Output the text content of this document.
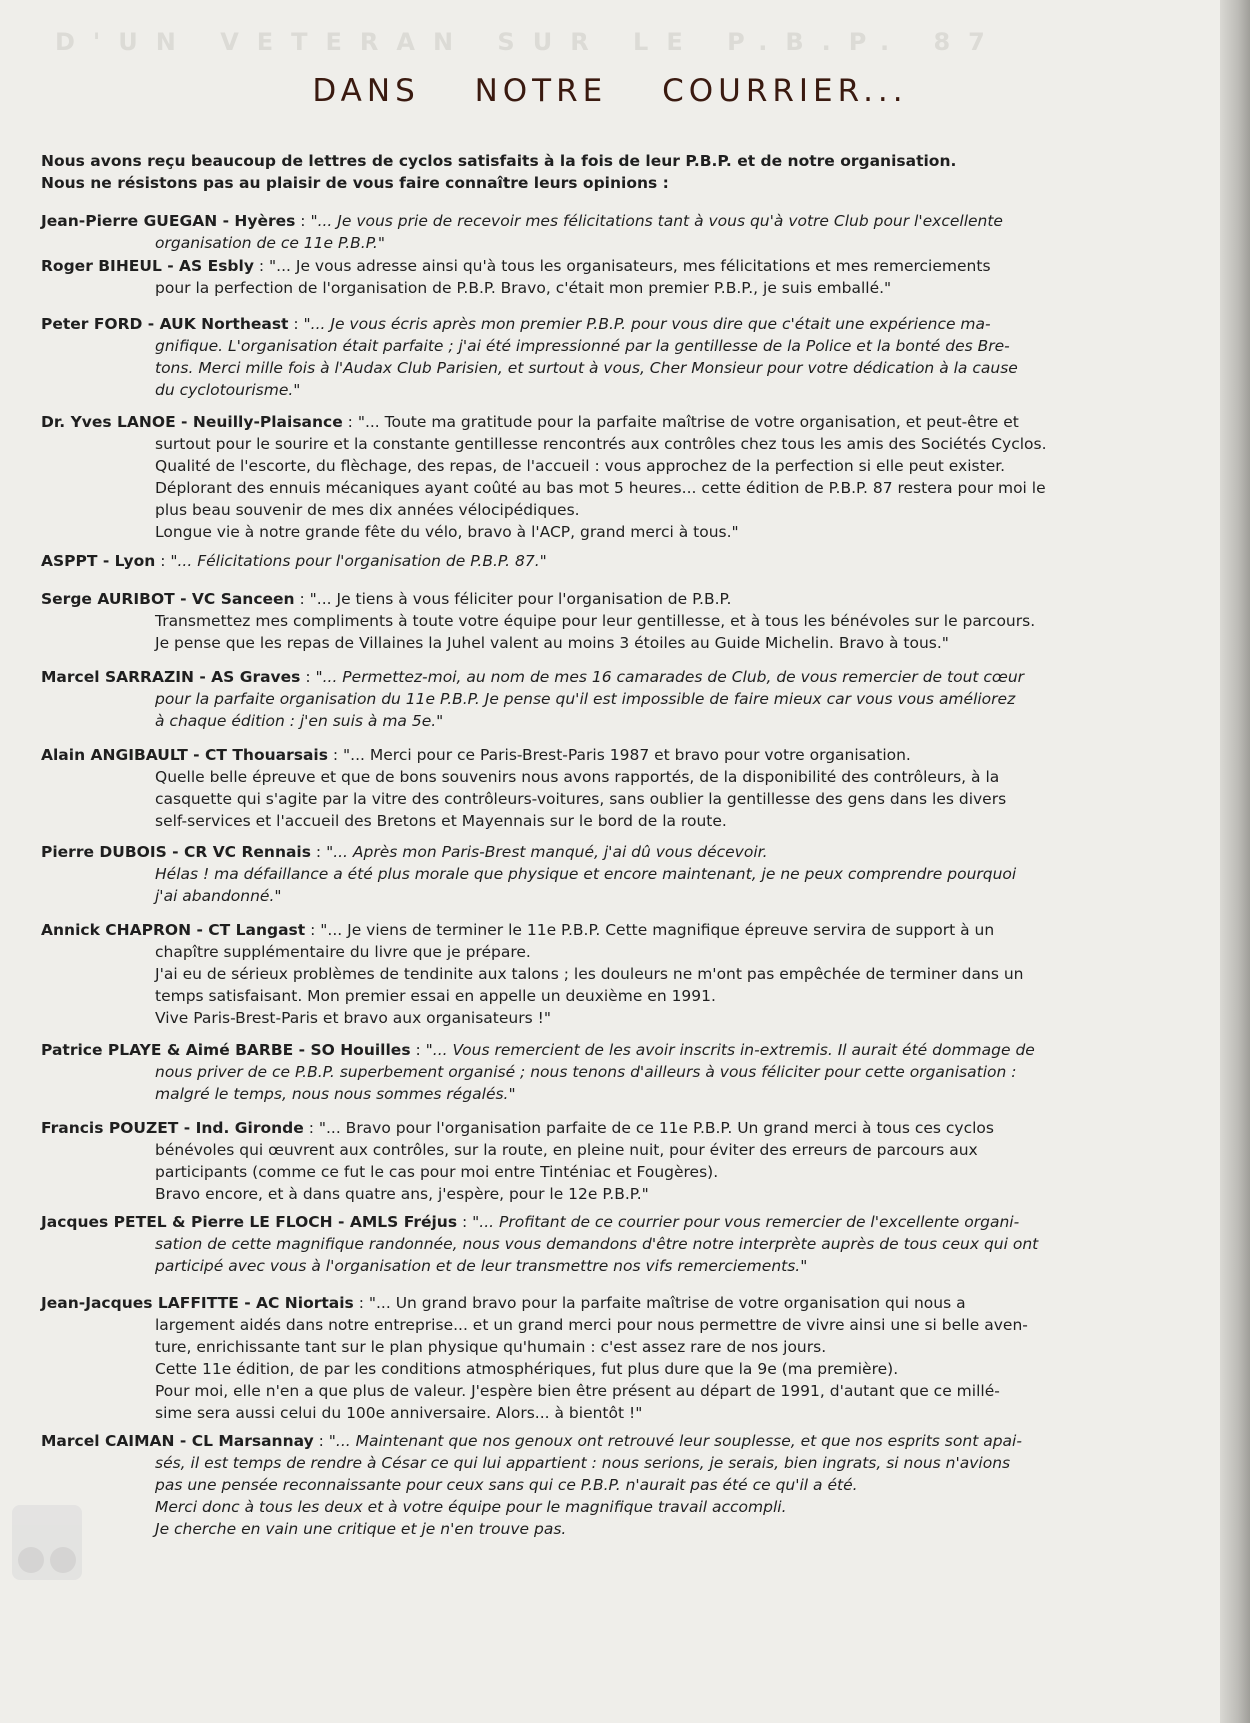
D'UN VETERAN SUR LE P.B.P. 87
DANS NOTRE COURRIER...
Nous avons reçu beaucoup de lettres de cyclos satisfaits à la fois de leur P.B.P. et de notre organisation.
Nous ne résistons pas au plaisir de vous faire connaître leurs opinions :
Jean-Pierre GUEGAN - Hyères : "... Je vous prie de recevoir mes félicitations tant à vous qu'à votre Club pour l'excellente
organisation de ce 11e P.B.P."
Roger BIHEUL - AS Esbly : "... Je vous adresse ainsi qu'à tous les organisateurs, mes félicitations et mes remerciements
pour la perfection de l'organisation de P.B.P. Bravo, c'était mon premier P.B.P., je suis emballé."
Peter FORD - AUK Northeast : "... Je vous écris après mon premier P.B.P. pour vous dire que c'était une expérience ma-
gnifique. L'organisation était parfaite ; j'ai été impressionné par la gentillesse de la Police et la bonté des Bre-
tons. Merci mille fois à l'Audax Club Parisien, et surtout à vous, Cher Monsieur pour votre dédication à la cause
du cyclotourisme."
Dr. Yves LANOE - Neuilly-Plaisance : "... Toute ma gratitude pour la parfaite maîtrise de votre organisation, et peut-être et
surtout pour le sourire et la constante gentillesse rencontrés aux contrôles chez tous les amis des Sociétés Cyclos.
Qualité de l'escorte, du flèchage, des repas, de l'accueil : vous approchez de la perfection si elle peut exister.
Déplorant des ennuis mécaniques ayant coûté au bas mot 5 heures... cette édition de P.B.P. 87 restera pour moi le
plus beau souvenir de mes dix années vélocipédiques.
Longue vie à notre grande fête du vélo, bravo à l'ACP, grand merci à tous."
ASPPT - Lyon : "... Félicitations pour l'organisation de P.B.P. 87."
Serge AURIBOT - VC Sanceen : "... Je tiens à vous féliciter pour l'organisation de P.B.P.
Transmettez mes compliments à toute votre équipe pour leur gentillesse, et à tous les bénévoles sur le parcours.
Je pense que les repas de Villaines la Juhel valent au moins 3 étoiles au Guide Michelin. Bravo à tous."
Marcel SARRAZIN - AS Graves : "... Permettez-moi, au nom de mes 16 camarades de Club, de vous remercier de tout cœur
pour la parfaite organisation du 11e P.B.P. Je pense qu'il est impossible de faire mieux car vous vous améliorez
à chaque édition : j'en suis à ma 5e."
Alain ANGIBAULT - CT Thouarsais : "... Merci pour ce Paris-Brest-Paris 1987 et bravo pour votre organisation.
Quelle belle épreuve et que de bons souvenirs nous avons rapportés, de la disponibilité des contrôleurs, à la
casquette qui s'agite par la vitre des contrôleurs-voitures, sans oublier la gentillesse des gens dans les divers
self-services et l'accueil des Bretons et Mayennais sur le bord de la route.
Pierre DUBOIS - CR VC Rennais : "... Après mon Paris-Brest manqué, j'ai dû vous décevoir.
Hélas ! ma défaillance a été plus morale que physique et encore maintenant, je ne peux comprendre pourquoi
j'ai abandonné."
Annick CHAPRON - CT Langast : "... Je viens de terminer le 11e P.B.P. Cette magnifique épreuve servira de support à un
chapître supplémentaire du livre que je prépare.
J'ai eu de sérieux problèmes de tendinite aux talons ; les douleurs ne m'ont pas empêchée de terminer dans un
temps satisfaisant. Mon premier essai en appelle un deuxième en 1991.
Vive Paris-Brest-Paris et bravo aux organisateurs !"
Patrice PLAYE & Aimé BARBE - SO Houilles : "... Vous remercient de les avoir inscrits in-extremis. Il aurait été dommage de
nous priver de ce P.B.P. superbement organisé ; nous tenons d'ailleurs à vous féliciter pour cette organisation :
malgré le temps, nous nous sommes régalés."
Francis POUZET - Ind. Gironde : "... Bravo pour l'organisation parfaite de ce 11e P.B.P. Un grand merci à tous ces cyclos
bénévoles qui œuvrent aux contrôles, sur la route, en pleine nuit, pour éviter des erreurs de parcours aux
participants (comme ce fut le cas pour moi entre Tinténiac et Fougères).
Bravo encore, et à dans quatre ans, j'espère, pour le 12e P.B.P."
Jacques PETEL & Pierre LE FLOCH - AMLS Fréjus : "... Profitant de ce courrier pour vous remercier de l'excellente organi-
sation de cette magnifique randonnée, nous vous demandons d'être notre interprète auprès de tous ceux qui ont
participé avec vous à l'organisation et de leur transmettre nos vifs remerciements."
Jean-Jacques LAFFITTE - AC Niortais : "... Un grand bravo pour la parfaite maîtrise de votre organisation qui nous a
largement aidés dans notre entreprise... et un grand merci pour nous permettre de vivre ainsi une si belle aven-
ture, enrichissante tant sur le plan physique qu'humain : c'est assez rare de nos jours.
Cette 11e édition, de par les conditions atmosphériques, fut plus dure que la 9e (ma première).
Pour moi, elle n'en a que plus de valeur. J'espère bien être présent au départ de 1991, d'autant que ce millé-
sime sera aussi celui du 100e anniversaire. Alors... à bientôt !"
Marcel CAIMAN - CL Marsannay : "... Maintenant que nos genoux ont retrouvé leur souplesse, et que nos esprits sont apai-
sés, il est temps de rendre à César ce qui lui appartient : nous serions, je serais, bien ingrats, si nous n'avions
pas une pensée reconnaissante pour ceux sans qui ce P.B.P. n'aurait pas été ce qu'il a été.
Merci donc à tous les deux et à votre équipe pour le magnifique travail accompli.
Je cherche en vain une critique et je n'en trouve pas.
